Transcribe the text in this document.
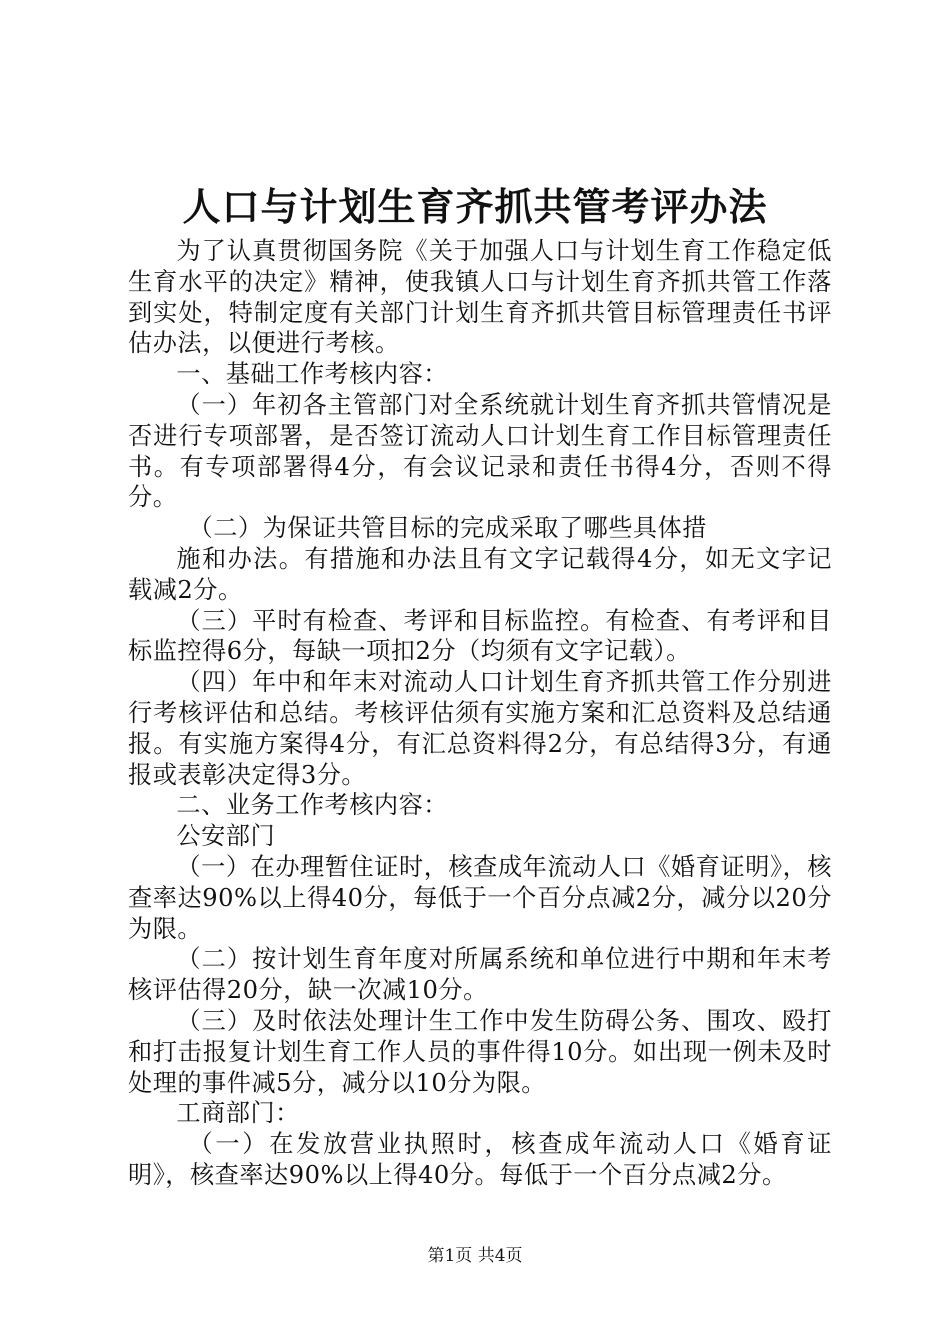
人口与计划生育齐抓共管考评办法

为了认真贯彻国务院《关于加强人口与计划生育工作稳定低生育水平的决定》精神，使我镇人口与计划生育齐抓共管工作落到实处，特制定度有关部门计划生育齐抓共管目标管理责任书评估办法，以便进行考核。

一、基础工作考核内容：

（一）年初各主管部门对全系统就计划生育齐抓共管情况是否进行专项部署，是否签订流动人口计划生育工作目标管理责任书。有专项部署得4分，有会议记录和责任书得4分，否则不得分。

（二）为保证共管目标的完成采取了哪些具体措

施和办法。有措施和办法且有文字记载得4分，如无文字记载减2分。

（三）平时有检查、考评和目标监控。有检查、有考评和目标监控得6分，每缺一项扣2分（均须有文字记载）。

（四）年中和年末对流动人口计划生育齐抓共管工作分别进行考核评估和总结。考核评估须有实施方案和汇总资料及总结通报。有实施方案得4分，有汇总资料得2分，有总结得3分，有通报或表彰决定得3分。

二、业务工作考核内容：

公安部门

（一）在办理暂住证时，核查成年流动人口《婚育证明》，核查率达90%以上得40分，每低于一个百分点减2分，减分以20分为限。

（二）按计划生育年度对所属系统和单位进行中期和年末考核评估得20分，缺一次减10分。

（三）及时依法处理计生工作中发生防碍公务、围攻、殴打和打击报复计划生育工作人员的事件得10分。如出现一例未及时处理的事件减5分，减分以10分为限。

工商部门：

（一）在发放营业执照时，核查成年流动人口《婚育证明》，核查率达90%以上得40分。每低于一个百分点减2分。

第1页 共4页
